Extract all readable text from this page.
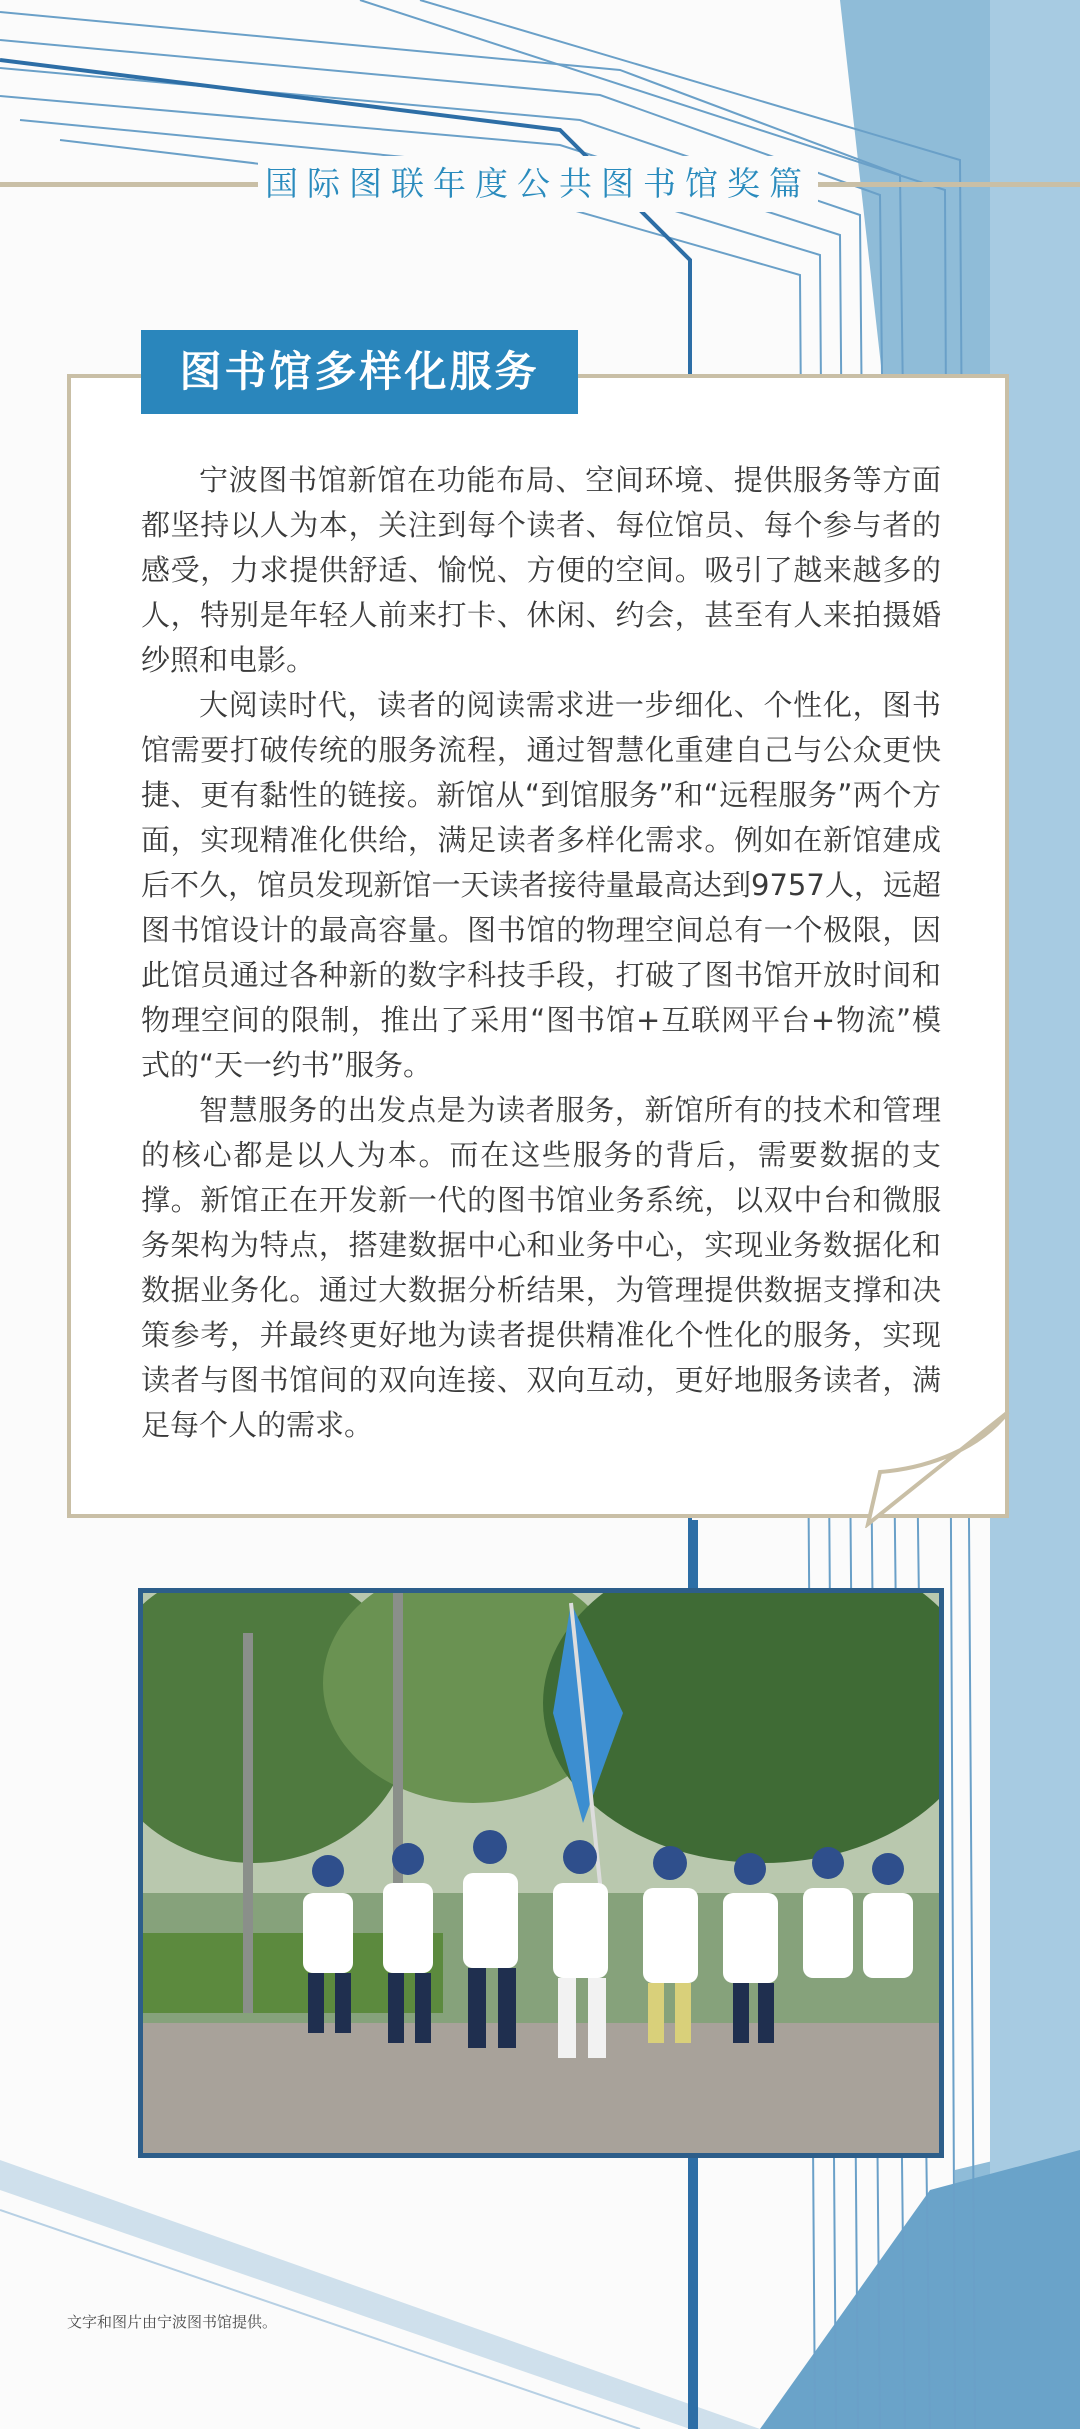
国际图联年度公共图书馆奖篇
图书馆多样化服务

宁波图书馆新馆在功能布局、空间环境、提供服务等方面都坚持以人为本，关注到每个读者、每位馆员、每个参与者的感受，力求提供舒适、愉悦、方便的空间。吸引了越来越多的人，特别是年轻人前来打卡、休闲、约会，甚至有人来拍摄婚纱照和电影。

大阅读时代，读者的阅读需求进一步细化、个性化，图书馆需要打破传统的服务流程，通过智慧化重建自己与公众更快捷、更有黏性的链接。新馆从“到馆服务”和“远程服务”两个方面，实现精准化供给，满足读者多样化需求。例如在新馆建成后不久，馆员发现新馆一天读者接待量最高达到9757人，远超图书馆设计的最高容量。图书馆的物理空间总有一个极限，因此馆员通过各种新的数字科技手段，打破了图书馆开放时间和物理空间的限制，推出了采用“图书馆+互联网平台+物流”模式的“天一约书”服务。

智慧服务的出发点是为读者服务，新馆所有的技术和管理的核心都是以人为本。而在这些服务的背后，需要数据的支撑。新馆正在开发新一代的图书馆业务系统，以双中台和微服务架构为特点，搭建数据中心和业务中心，实现业务数据化和数据业务化。通过大数据分析结果，为管理提供数据支撑和决策参考，并最终更好地为读者提供精准化个性化的服务，实现读者与图书馆间的双向连接、双向互动，更好地服务读者，满足每个人的需求。

文字和图片由宁波图书馆提供。
